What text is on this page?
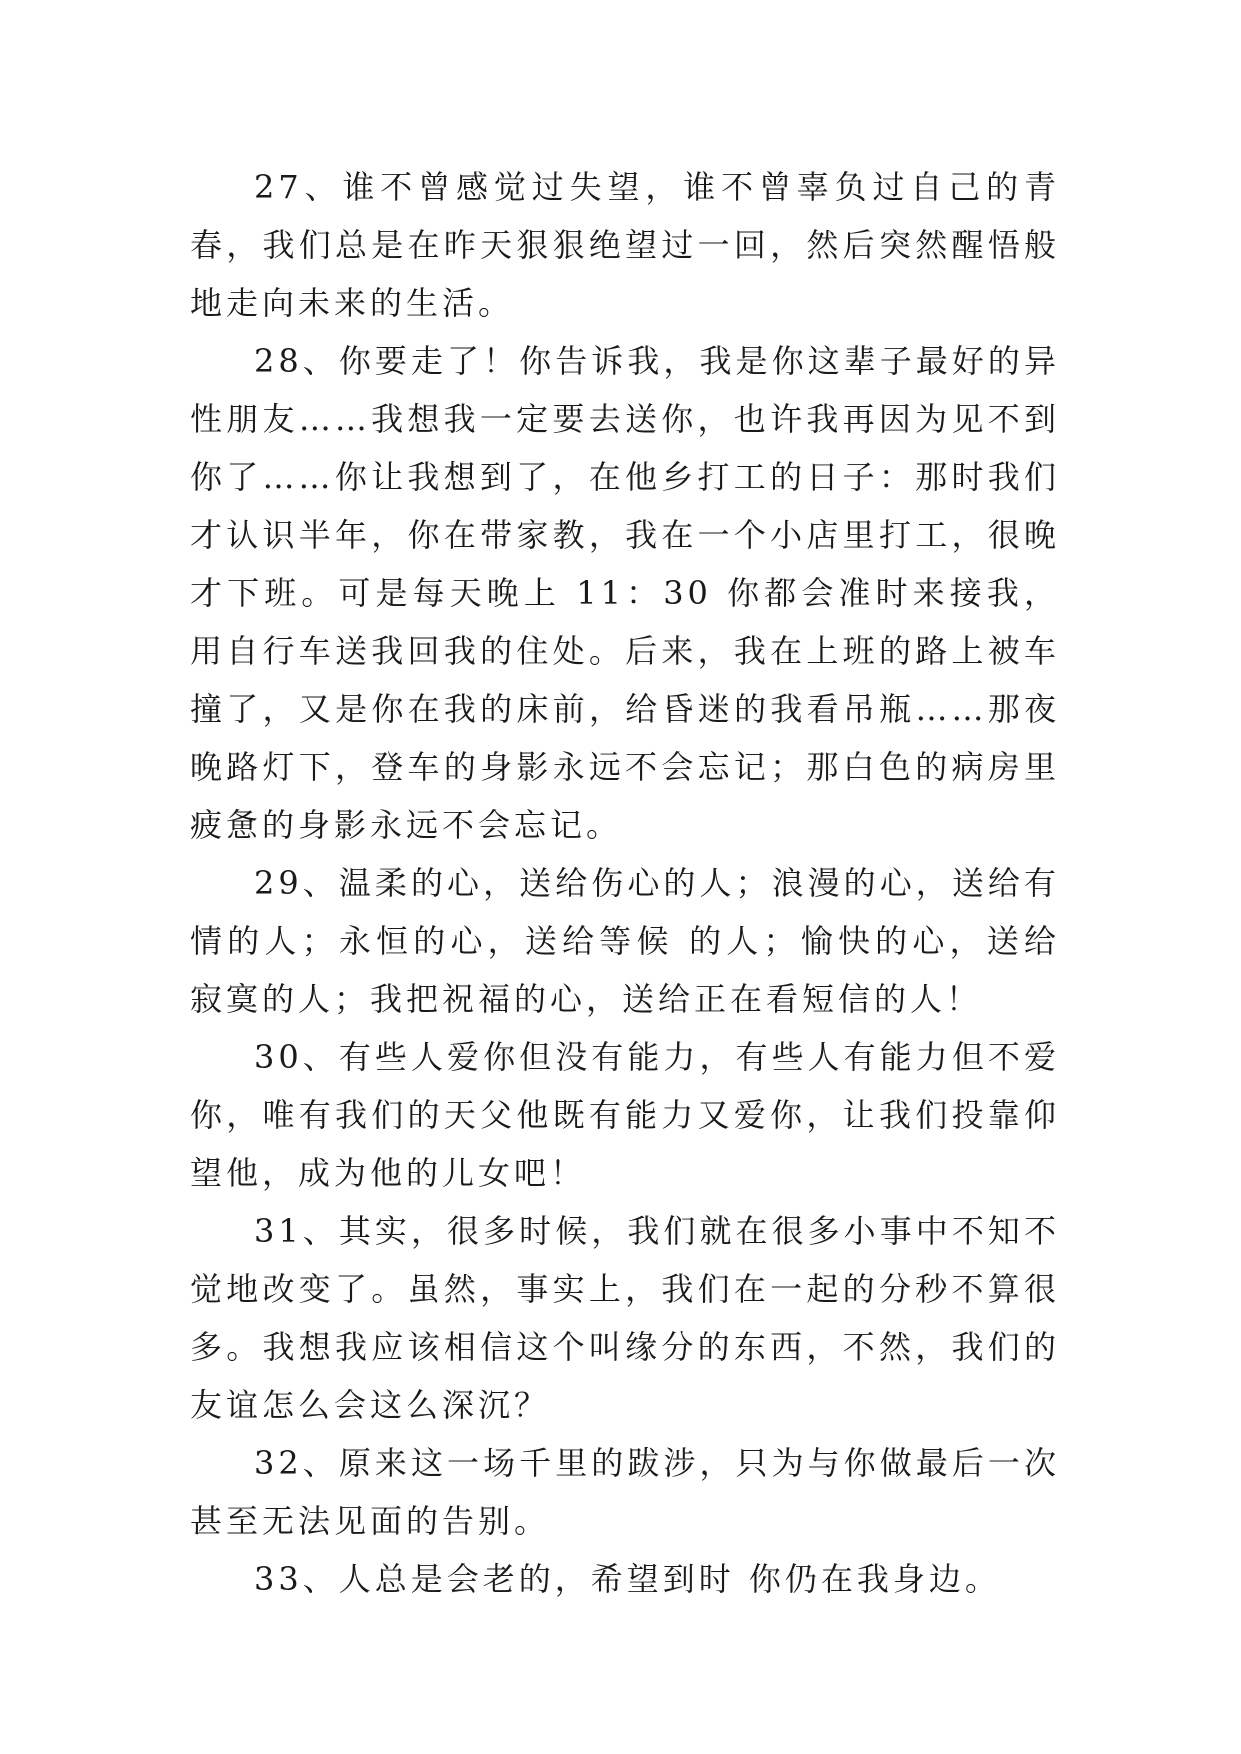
27、谁不曾感觉过失望，谁不曾辜负过自己的青春，我们总是在昨天狠狠绝望过一回，然后突然醒悟般地走向未来的生活。

28、你要走了！你告诉我，我是你这辈子最好的异性朋友……我想我一定要去送你，也许我再因为见不到你了……你让我想到了，在他乡打工的日子：那时我们才认识半年，你在带家教，我在一个小店里打工，很晚才下班。可是每天晚上 11：30 你都会准时来接我，用自行车送我回我的住处。后来，我在上班的路上被车撞了，又是你在我的床前，给昏迷的我看吊瓶……那夜晚路灯下，登车的身影永远不会忘记；那白色的病房里疲惫的身影永远不会忘记。

29、温柔的心，送给伤心的人；浪漫的心，送给有情的人；永恒的心，送给等候 的人；愉快的心，送给寂寞的人；我把祝福的心，送给正在看短信的人！

30、有些人爱你但没有能力，有些人有能力但不爱你，唯有我们的天父他既有能力又爱你，让我们投靠仰望他，成为他的儿女吧！

31、其实，很多时候，我们就在很多小事中不知不觉地改变了。虽然，事实上，我们在一起的分秒不算很多。我想我应该相信这个叫缘分的东西，不然，我们的友谊怎么会这么深沉？

32、原来这一场千里的跋涉，只为与你做最后一次甚至无法见面的告别。

33、人总是会老的，希望到时 你仍在我身边。
